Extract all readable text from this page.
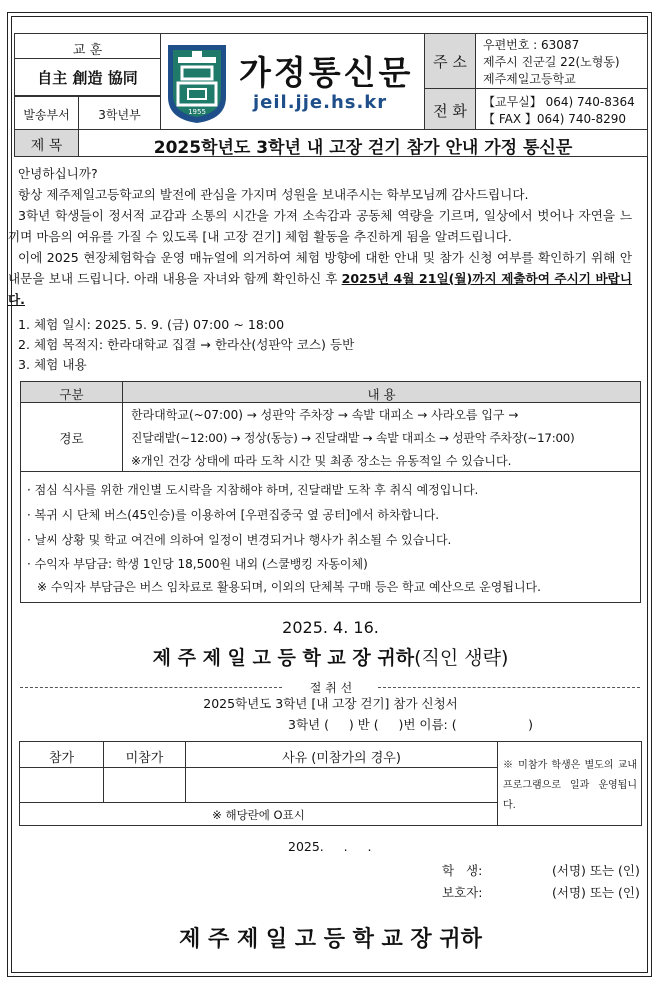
교 훈
自主 創造 協同
발송부서	3학년부	1955
가정통신문
jeil.jje.hs.kr
주 소
우편번호 : 63087
제주시 진군길 22(노형동)
제주제일고등학교
전 화	【교무실】 064) 740-8364
【 FAX 】064) 740-8290
제 목	2025학년도 3학년 내 고장 걷기 참가 안내 가정 통신문
안녕하십니까?
항상 제주제일고등학교의 발전에 관심을 가지며 성원을 보내주시는 학부모님께 감사드립니다.
3학년 학생들이 정서적 교감과 소통의 시간을 가져 소속감과 공동체 역량을 기르며, 일상에서 벗어나 자연을 느끼며 마음의 여유를 가질 수 있도록 [내 고장 걷기] 체험 활동을 추진하게 됨을 알려드립니다.
이에 2025 현장체험학습 운영 매뉴얼에 의거하여 체험 방향에 대한 안내 및 참가 신청 여부를 확인하기 위해 안내문을 보내 드립니다. 아래 내용을 자녀와 함께 확인하신 후 2025년 4월 21일(월)까지 제출하여 주시기 바랍니다.
1. 체험 일시: 2025. 5. 9. (금) 07:00 ~ 18:00
2. 체험 목적지: 한라대학교 집결 → 한라산(성판악 코스) 등반
3. 체험 내용
구분	내 용
경로
한라대학교(~07:00) → 성판악 주차장 → 속밭 대피소 → 사라오름 입구 →
진달래밭(~12:00) → 정상(동능) → 진달래밭 → 속밭 대피소 → 성판악 주차장(~17:00)
※개인 건강 상태에 따라 도착 시간 및 최종 장소는 유동적일 수 있습니다.
· 점심 식사를 위한 개인별 도시락을 지참해야 하며, 진달래밭 도착 후 취식 예정입니다.
· 복귀 시 단체 버스(45인승)를 이용하여 [우편집중국 옆 공터]에서 하차합니다.
· 날씨 상황 및 학교 여건에 의하여 일정이 변경되거나 행사가 취소될 수 있습니다.
· 수익자 부담금: 학생 1인당 18,500원 내외 (스쿨뱅킹 자동이체)
※ 수익자 부담금은 버스 임차료로 활용되며, 이외의 단체복 구매 등은 학교 예산으로 운영됩니다.
2025. 4. 16.
제 주 제 일 고 등 학 교 장 귀하(직인 생략)
절 취 선
2025학년도 3학년 [내 고장 걷기] 참가 신청서
3학년 (     ) 반 (     )번 이름: (                  )
참가	미참가	사유 (미참가의 경우)
※ 해당란에 O표시
※ 미참가 학생은 별도의 교내 프로그램으로 일과 운영됩니다.
2025.     .     .
학   생:	(서명) 또는 (인)
보호자:	(서명) 또는 (인)
제 주 제 일 고 등 학 교 장 귀하
